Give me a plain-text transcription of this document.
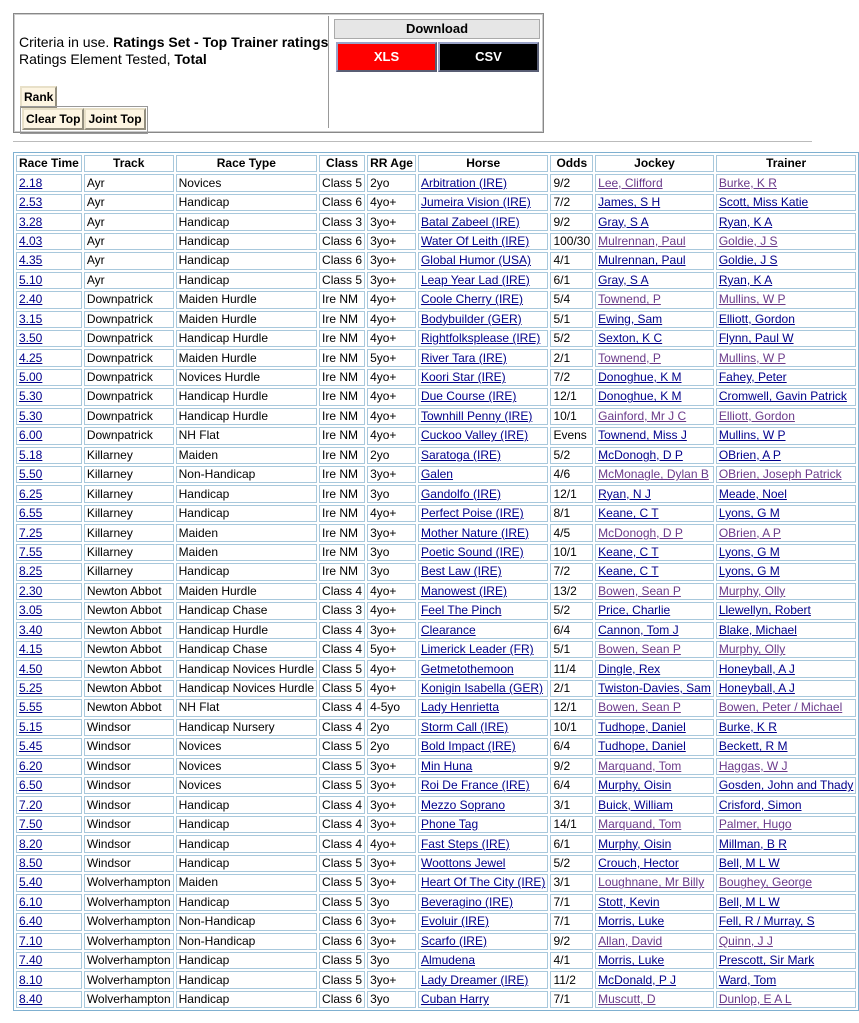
Criteria in use. Ratings Set - Top Trainer ratings
Ratings Element Tested, Total
Rank
Clear Top Joint Top
Download
XLS	CSV
Race Time	Track	Race Type	Class	RR Age	Horse	Odds	Jockey	Trainer
2.18	Ayr	Novices	Class 5	2yo	Arbitration (IRE)	9/2	Lee, Clifford	Burke, K R
2.53	Ayr	Handicap	Class 6	4yo+	Jumeira Vision (IRE)	7/2	James, S H	Scott, Miss Katie
3.28	Ayr	Handicap	Class 3	3yo+	Batal Zabeel (IRE)	9/2	Gray, S A	Ryan, K A
4.03	Ayr	Handicap	Class 6	3yo+	Water Of Leith (IRE)	100/30	Mulrennan, Paul	Goldie, J S
4.35	Ayr	Handicap	Class 6	3yo+	Global Humor (USA)	4/1	Mulrennan, Paul	Goldie, J S
5.10	Ayr	Handicap	Class 5	3yo+	Leap Year Lad (IRE)	6/1	Gray, S A	Ryan, K A
2.40	Downpatrick	Maiden Hurdle	Ire NM	4yo+	Coole Cherry (IRE)	5/4	Townend, P	Mullins, W P
3.15	Downpatrick	Maiden Hurdle	Ire NM	4yo+	Bodybuilder (GER)	5/1	Ewing, Sam	Elliott, Gordon
3.50	Downpatrick	Handicap Hurdle	Ire NM	4yo+	Rightfolksplease (IRE)	5/2	Sexton, K C	Flynn, Paul W
4.25	Downpatrick	Maiden Hurdle	Ire NM	5yo+	River Tara (IRE)	2/1	Townend, P	Mullins, W P
5.00	Downpatrick	Novices Hurdle	Ire NM	4yo+	Koori Star (IRE)	7/2	Donoghue, K M	Fahey, Peter
5.30	Downpatrick	Handicap Hurdle	Ire NM	4yo+	Due Course (IRE)	12/1	Donoghue, K M	Cromwell, Gavin Patrick
5.30	Downpatrick	Handicap Hurdle	Ire NM	4yo+	Townhill Penny (IRE)	10/1	Gainford, Mr J C	Elliott, Gordon
6.00	Downpatrick	NH Flat	Ire NM	4yo+	Cuckoo Valley (IRE)	Evens	Townend, Miss J	Mullins, W P
5.18	Killarney	Maiden	Ire NM	2yo	Saratoga (IRE)	5/2	McDonogh, D P	OBrien, A P
5.50	Killarney	Non-Handicap	Ire NM	3yo+	Galen	4/6	McMonagle, Dylan B	OBrien, Joseph Patrick
6.25	Killarney	Handicap	Ire NM	3yo	Gandolfo (IRE)	12/1	Ryan, N J	Meade, Noel
6.55	Killarney	Handicap	Ire NM	4yo+	Perfect Poise (IRE)	8/1	Keane, C T	Lyons, G M
7.25	Killarney	Maiden	Ire NM	3yo+	Mother Nature (IRE)	4/5	McDonogh, D P	OBrien, A P
7.55	Killarney	Maiden	Ire NM	3yo	Poetic Sound (IRE)	10/1	Keane, C T	Lyons, G M
8.25	Killarney	Handicap	Ire NM	3yo	Best Law (IRE)	7/2	Keane, C T	Lyons, G M
2.30	Newton Abbot	Maiden Hurdle	Class 4	4yo+	Manowest (IRE)	13/2	Bowen, Sean P	Murphy, Olly
3.05	Newton Abbot	Handicap Chase	Class 3	4yo+	Feel The Pinch	5/2	Price, Charlie	Llewellyn, Robert
3.40	Newton Abbot	Handicap Hurdle	Class 4	3yo+	Clearance	6/4	Cannon, Tom J	Blake, Michael
4.15	Newton Abbot	Handicap Chase	Class 4	5yo+	Limerick Leader (FR)	5/1	Bowen, Sean P	Murphy, Olly
4.50	Newton Abbot	Handicap Novices Hurdle	Class 5	4yo+	Getmetothemoon	11/4	Dingle, Rex	Honeyball, A J
5.25	Newton Abbot	Handicap Novices Hurdle	Class 5	4yo+	Konigin Isabella (GER)	2/1	Twiston-Davies, Sam	Honeyball, A J
5.55	Newton Abbot	NH Flat	Class 4	4-5yo	Lady Henrietta	12/1	Bowen, Sean P	Bowen, Peter / Michael
5.15	Windsor	Handicap Nursery	Class 4	2yo	Storm Call (IRE)	10/1	Tudhope, Daniel	Burke, K R
5.45	Windsor	Novices	Class 5	2yo	Bold Impact (IRE)	6/4	Tudhope, Daniel	Beckett, R M
6.20	Windsor	Novices	Class 5	3yo+	Min Huna	9/2	Marquand, Tom	Haggas, W J
6.50	Windsor	Novices	Class 5	3yo+	Roi De France (IRE)	6/4	Murphy, Oisin	Gosden, John and Thady
7.20	Windsor	Handicap	Class 4	3yo+	Mezzo Soprano	3/1	Buick, William	Crisford, Simon
7.50	Windsor	Handicap	Class 4	3yo+	Phone Tag	14/1	Marquand, Tom	Palmer, Hugo
8.20	Windsor	Handicap	Class 4	4yo+	Fast Steps (IRE)	6/1	Murphy, Oisin	Millman, B R
8.50	Windsor	Handicap	Class 5	3yo+	Woottons Jewel	5/2	Crouch, Hector	Bell, M L W
5.40	Wolverhampton	Maiden	Class 5	3yo+	Heart Of The City (IRE)	3/1	Loughnane, Mr Billy	Boughey, George
6.10	Wolverhampton	Handicap	Class 5	3yo	Beveragino (IRE)	7/1	Stott, Kevin	Bell, M L W
6.40	Wolverhampton	Non-Handicap	Class 6	3yo+	Evoluir (IRE)	7/1	Morris, Luke	Fell, R / Murray, S
7.10	Wolverhampton	Non-Handicap	Class 6	3yo+	Scarfo (IRE)	9/2	Allan, David	Quinn, J J
7.40	Wolverhampton	Handicap	Class 5	3yo	Almudena	4/1	Morris, Luke	Prescott, Sir Mark
8.10	Wolverhampton	Handicap	Class 5	3yo+	Lady Dreamer (IRE)	11/2	McDonald, P J	Ward, Tom
8.40	Wolverhampton	Handicap	Class 6	3yo	Cuban Harry	7/1	Muscutt, D	Dunlop, E A L
